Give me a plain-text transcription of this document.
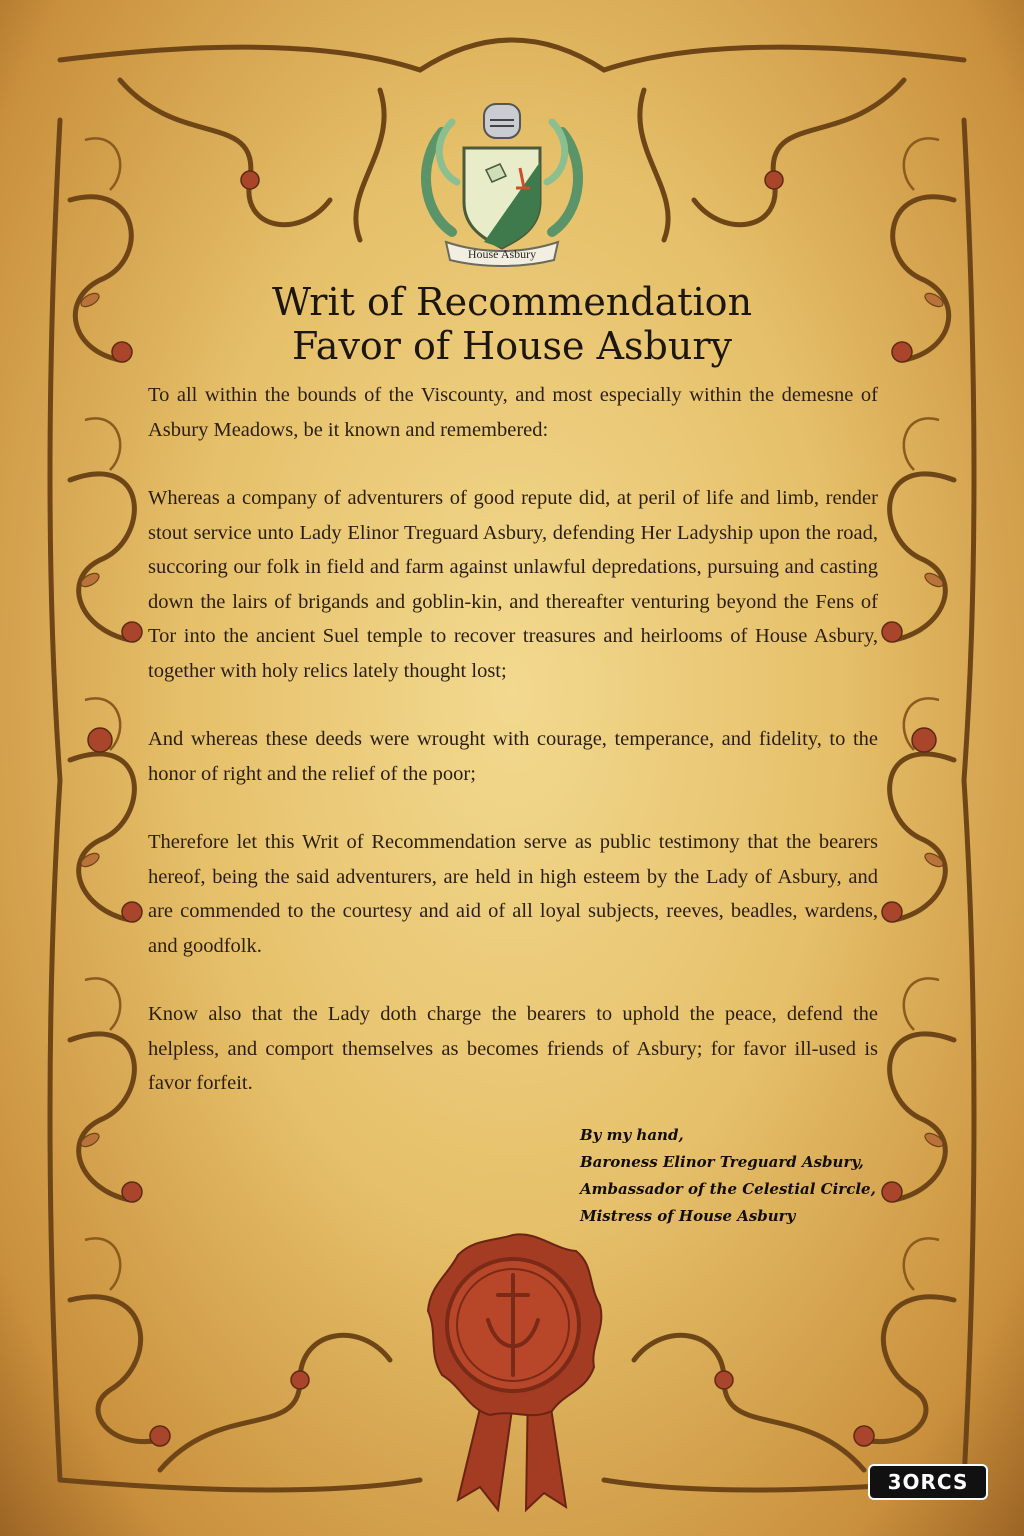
House Asbury
Writ of Recommendation
Favor of House Asbury

To all within the bounds of the Viscounty, and most especially within the demesne of Asbury Meadows, be it known and remembered:

Whereas a company of adventurers of good repute did, at peril of life and limb, render stout service unto Lady Elinor Treguard Asbury, defending Her Ladyship upon the road, succoring our folk in field and farm against unlawful depredations, pursuing and casting down the lairs of brigands and goblin-kin, and thereafter venturing beyond the Fens of Tor into the ancient Suel temple to recover treasures and heirlooms of House Asbury, together with holy relics lately thought lost;

And whereas these deeds were wrought with courage, temperance, and fidelity, to the honor of right and the relief of the poor;

Therefore let this Writ of Recommendation serve as public testimony that the bearers hereof, being the said adventurers, are held in high esteem by the Lady of Asbury, and are commended to the courtesy and aid of all loyal subjects, reeves, beadles, wardens, and goodfolk.

Know also that the Lady doth charge the bearers to uphold the peace, defend the helpless, and comport themselves as becomes friends of Asbury; for favor ill-used is favor forfeit.

By my hand,
Baroness Elinor Treguard Asbury,
Ambassador of the Celestial Circle,
Mistress of House Asbury
3ORCS
